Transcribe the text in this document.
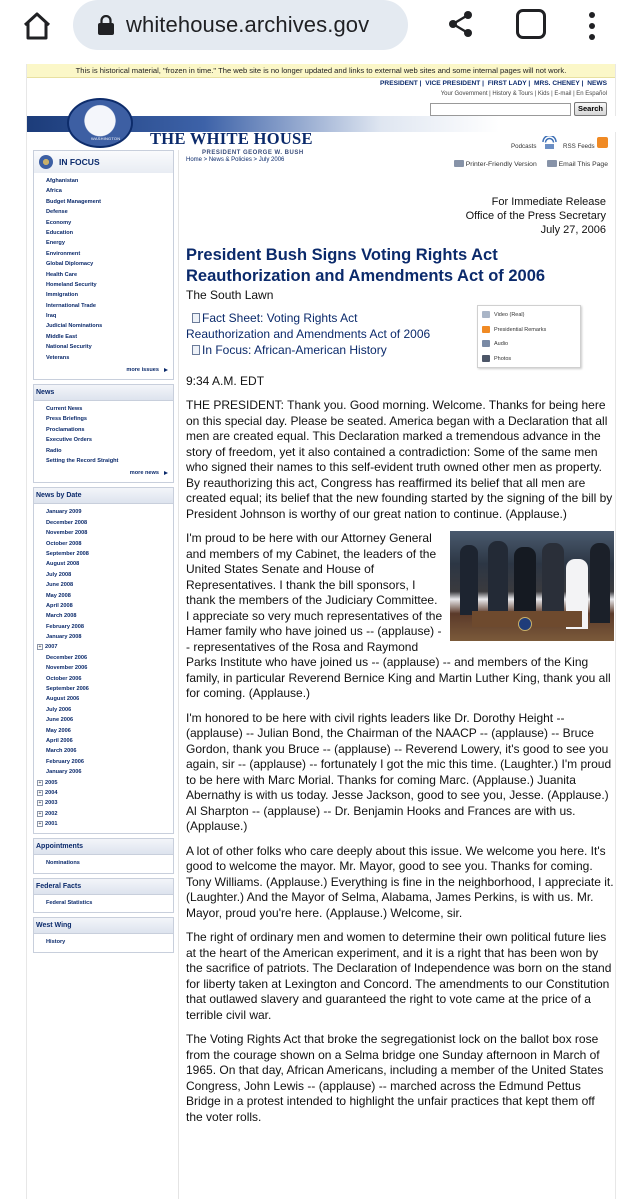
whitehouse.archives.gov
This is historical material, "frozen in time." The web site is no longer updated and links to external web sites and some internal pages will not work.
PRESIDENT | VICE PRESIDENT | FIRST LADY | MRS. CHENEY | NEWS
WASHINGTON THE WHITE HOUSE
PRESIDENT GEORGE W. BUSH
Your Government | History & Tours | Kids | E-mail | En Español
Search
Podcasts	RSS Feeds
IN FOCUS
Afghanistan
Africa
Budget Management
Defense
Economy
Education
Energy
Environment
Global Diplomacy
Health Care
Homeland Security
Immigration
International Trade
Iraq
Judicial Nominations
Middle East
National Security
Veterans
more issues
News
Current News
Press Briefings
Proclamations
Executive Orders
Radio
Setting the Record Straight
more news
News by Date
January 2009
December 2008
November 2008
October 2008
September 2008
August 2008
July 2008
June 2008
May 2008
April 2008
March 2008
February 2008
January 2008
+ 2007
December 2006
November 2006
October 2006
September 2006
August 2006
July 2006
June 2006
May 2006
April 2006
March 2006
February 2006
January 2006
+ 2005
+ 2004
+ 2003
+ 2002
+ 2001
Appointments
Nominations
Federal Facts
Federal Statistics
West Wing
History
Home > News & Policies > July 2006
Printer-Friendly Version	Email This Page
For Immediate Release
Office of the Press Secretary
July 27, 2006
President Bush Signs Voting Rights Act Reauthorization and Amendments Act of 2006
The South Lawn
Fact Sheet: Voting Rights Act
Reauthorization and Amendments Act of 2006
In Focus: African-American History
Video (Real)
Presidential Remarks
Audio
Photos
9:34 A.M. EDT

THE PRESIDENT: Thank you. Good morning. Welcome. Thanks for being here on this special day. Please be seated. America began with a Declaration that all men are created equal. This Declaration marked a tremendous advance in the story of freedom, yet it also contained a contradiction: Some of the same men who signed their names to this self-evident truth owned other men as property. By reauthorizing this act, Congress has reaffirmed its belief that all men are created equal; its belief that the new founding started by the signing of the bill by President Johnson is worthy of our great nation to continue. (Applause.)

I'm proud to be here with our Attorney General and members of my Cabinet, the leaders of the United States Senate and House of Representatives. I thank the bill sponsors, I thank the members of the Judiciary Committee. I appreciate so very much representatives of the Hamer family who have joined us -- (applause) -- representatives of the Rosa and Raymond Parks Institute who have joined us -- (applause) -- and members of the King family, in particular Reverend Bernice King and Martin Luther King, thank you all for coming. (Applause.)

I'm honored to be here with civil rights leaders like Dr. Dorothy Height -- (applause) -- Julian Bond, the Chairman of the NAACP -- (applause) -- Bruce Gordon, thank you Bruce -- (applause) -- Reverend Lowery, it's good to see you again, sir -- (applause) -- fortunately I got the mic this time. (Laughter.) I'm proud to be here with Marc Morial. Thanks for coming Marc. (Applause.) Juanita Abernathy is with us today. Jesse Jackson, good to see you, Jesse. (Applause.) Al Sharpton -- (applause) -- Dr. Benjamin Hooks and Frances are with us. (Applause.)

A lot of other folks who care deeply about this issue. We welcome you here. It's good to welcome the mayor. Mr. Mayor, good to see you. Thanks for coming. Tony Williams. (Applause.) Everything is fine in the neighborhood, I appreciate it. (Laughter.) And the Mayor of Selma, Alabama, James Perkins, is with us. Mr. Mayor, proud you're here. (Applause.) Welcome, sir.

The right of ordinary men and women to determine their own political future lies at the heart of the American experiment, and it is a right that has been won by the sacrifice of patriots. The Declaration of Independence was born on the stand for liberty taken at Lexington and Concord. The amendments to our Constitution that outlawed slavery and guaranteed the right to vote came at the price of a terrible civil war.

The Voting Rights Act that broke the segregationist lock on the ballot box rose from the courage shown on a Selma bridge one Sunday afternoon in March of 1965. On that day, African Americans, including a member of the United States Congress, John Lewis -- (applause) -- marched across the Edmund Pettus Bridge in a protest intended to highlight the unfair practices that kept them off the voter rolls.
